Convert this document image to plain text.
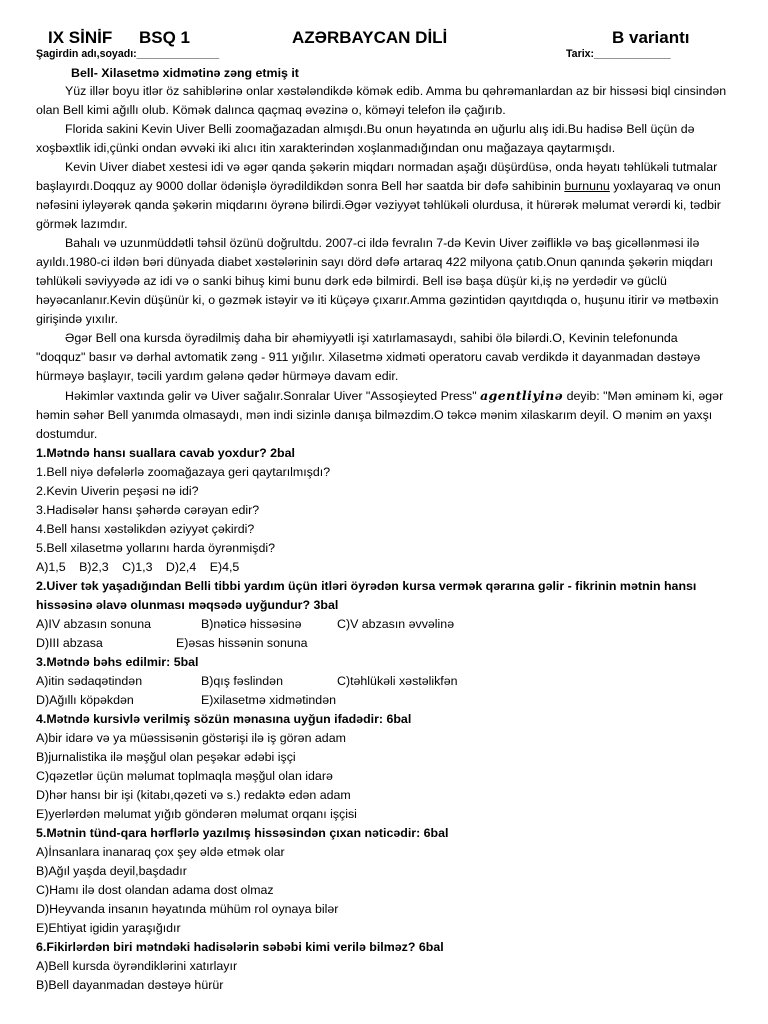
IX SİNİF BSQ 1	AZƏRBAYCAN DİLİ	B variantı
Şagirdin adı,soyadı:______________	Tarix:_____________
Bell- Xilasetmə xidmətinə zəng etmiş it

Yüz illər boyu itlər öz sahiblərinə onlar xəstələndikdə kömək edib. Amma bu qəhrəmanlardan az bir hissəsi biql cinsindən olan Bell kimi ağıllı olub. Kömək dalınca qaçmaq əvəzinə o, köməyi telefon ilə çağırıb.

Florida sakini Kevin Uiver Belli zoomağazadan almışdı.Bu onun həyatında ən uğurlu alış idi.Bu hadisə Bell üçün də xoşbəxtlik idi,çünki ondan əvvəki iki alıcı itin xarakterindən xoşlanmadığından onu mağazaya qaytarmışdı.

Kevin Uiver diabet xestesi idi və əgər qanda şəkərin miqdarı normadan aşağı düşürdüsə, onda həyatı təhlükəli tutmalar başlayırdı.Doqquz ay 9000 dollar ödənişlə öyrədildikdən sonra Bell hər saatda bir dəfə sahibinin burnunu yoxlayaraq və onun nəfəsini iyləyərək qanda şəkərin miqdarını öyrənə bilirdi.Əgər vəziyyət təhlükəli olurdusa, it hürərək məlumat verərdi ki, tədbir görmək lazımdır.

Bahalı və uzunmüddətli təhsil özünü doğrultdu. 2007-ci ildə fevralın 7-də Kevin Uiver zəifliklə və baş gicəllənməsi ilə ayıldı.1980-ci ildən bəri dünyada diabet xəstələrinin sayı dörd dəfə artaraq 422 milyona çatıb.Onun qanında şəkərin miqdarı təhlükəli səviyyədə az idi və o sanki bihuş kimi bunu dərk edə bilmirdi. Bell isə başa düşür ki,iş nə yerdədir və güclü həyəcanlanır.Kevin düşünür ki, o gəzmək istəyir və iti küçəyə çıxarır.Amma gəzintidən qayıtdıqda o, huşunu itirir və mətbəxin girişində yıxılır.

Əgər Bell ona kursda öyrədilmiş daha bir əhəmiyyətli işi xatırlamasaydı, sahibi ölə bilərdi.O, Kevinin telefonunda "doqquz" basır və dərhal avtomatik zəng - 911 yığılır. Xilasetmə xidməti operatoru cavab verdikdə it dayanmadan dəstəyə hürməyə başlayır, təcili yardım gələnə qədər hürməyə davam edir.

Həkimlər vaxtında gəlir və Uiver sağalır.Sonralar Uiver "Assoşieyted Press" agentliyinə deyib: "Mən əminəm ki, əgər həmin səhər Bell yanımda olmasaydı, mən indi sizinlə danışa bilməzdim.O təkcə mənim xilaskarım deyil. O mənim ən yaxşı dostumdur.

1.Mətndə hansı suallara cavab yoxdur? 2bal

1.Bell niyə dəfələrlə zoomağazaya geri qaytarılmışdı?

2.Kevin Uiverin peşəsi nə idi?

3.Hadisələr hansı şəhərdə cərəyan edir?

4.Bell hansı xəstəlikdən əziyyət çəkirdi?

5.Bell xilasetmə yollarını harda öyrənmişdi?

A)1,5 B)2,3 C)1,3 D)2,4 E)4,5

2.Uiver tək yaşadığından Belli tibbi yardım üçün itləri öyrədən kursa vermək qərarına gəlir - fikrinin mətnin hansı

hissəsinə əlavə olunması məqsədə uyğundur? 3bal

A)IV abzasın sonuna	B)nəticə hissəsinə	C)V abzasın əvvəlinə
D)III abzasa	E)əsas hissənin sonuna

3.Mətndə bəhs edilmir: 5bal

A)itin sədaqətindən	B)qış fəslindən	C)təhlükəli xəstəlikfən
D)Ağıllı köpəkdən	E)xilasetmə xidmətindən

4.Mətndə kursivlə verilmiş sözün mənasına uyğun ifadədir: 6bal

A)bir idarə və ya müəssisənin göstərişi ilə iş görən adam

B)jurnalistika ilə məşğul olan peşəkar ədəbi işçi

C)qəzetlər üçün məlumat toplmaqla məşğul olan idarə

D)hər hansı bir işi (kitabı,qəzeti və s.) redaktə edən adam

E)yerlərdən məlumat yığıb göndərən məlumat orqanı işçisi

5.Mətnin tünd-qara hərflərlə yazılmış hissəsindən çıxan nəticədir: 6bal

A)İnsanlara inanaraq çox şey əldə etmək olar

B)Ağıl yaşda deyil,başdadır

C)Hamı ilə dost olandan adama dost olmaz

D)Heyvanda insanın həyatında mühüm rol oynaya bilər

E)Ehtiyat igidin yaraşığıdır

6.Fikirlərdən biri mətndəki hadisələrin səbəbi kimi verilə bilməz? 6bal

A)Bell kursda öyrəndiklərini xatırlayır

B)Bell dayanmadan dəstəyə hürür
